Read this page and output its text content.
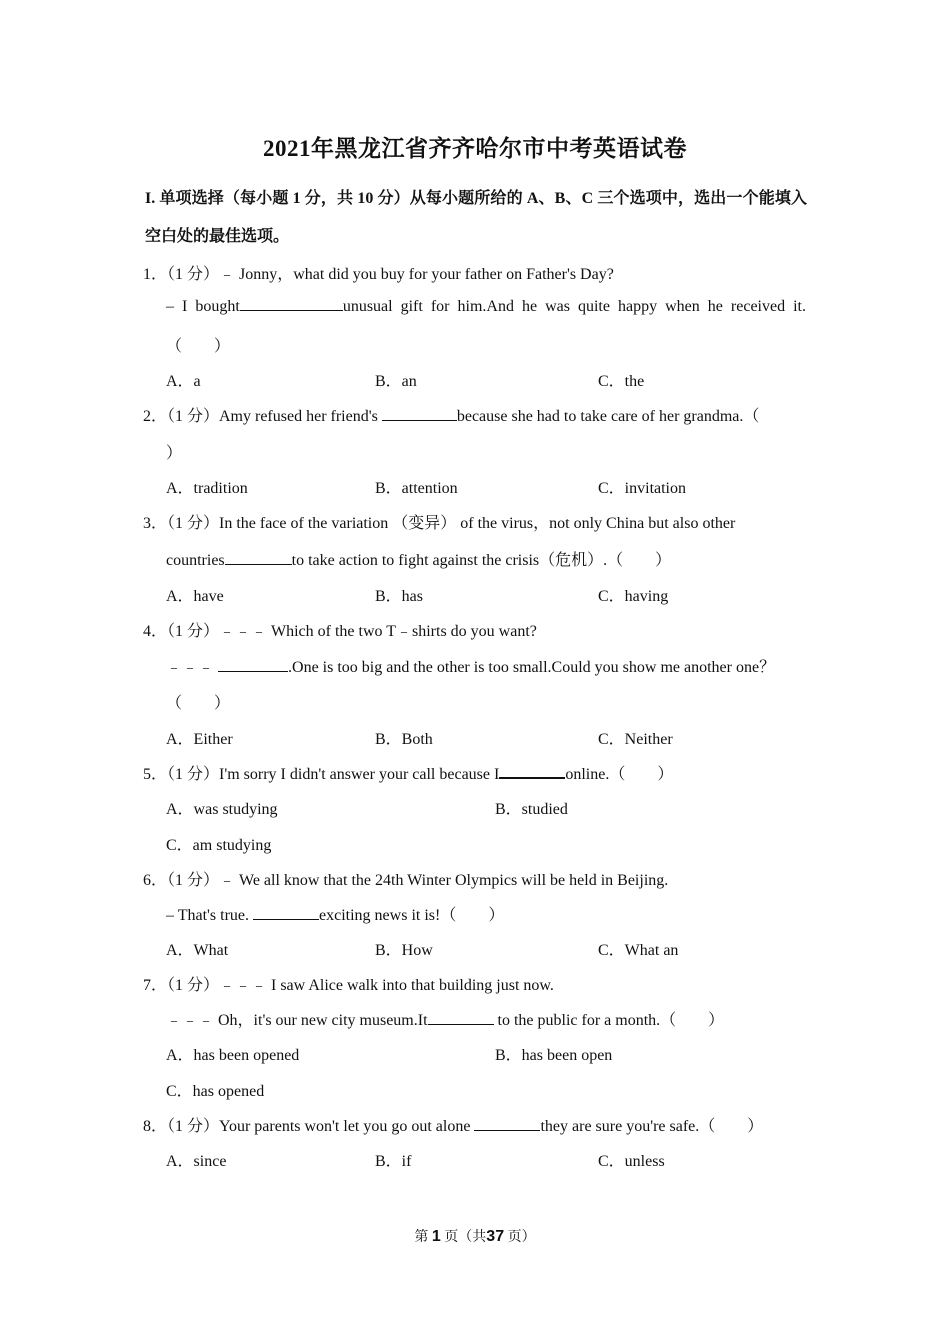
2021年黑龙江省齐齐哈尔市中考英语试卷
I. 单项选择（每小题 1 分，共 10 分）从每小题所给的 A、B、C 三个选项中，选出一个能填入空白处的最佳选项。
1．（1 分）﹣ Jonny，what did you buy for your father on Father's Day?
– I bought	unusual gift for him.And he was quite happy when he received it.
（　　）
A．a	B．an	C．the
2．（1 分）Amy refused her friend's	because she had to take care of her grandma.（
）
A．tradition	B．attention	C．invitation
3．（1 分）In the face of the variation （变异） of the virus，not only China but also other
countries	to take action to fight against the crisis（危机）.（　　）
A．have	B．has	C．having
4．（1 分）﹣﹣﹣ Which of the two T﹣shirts do you want?
﹣﹣﹣	.One is too big and the other is too small.Could you show me another one？
（　　）
A．Either	B．Both	C．Neither
5．（1 分）I'm sorry I didn't answer your call because I	online.（　　）
A．was studying	B．studied
C．am studying
6．（1 分）﹣ We all know that the 24th Winter Olympics will be held in Beijing.
– That's true.	exciting news it is!（　　）
A．What	B．How	C．What an
7．（1 分）﹣﹣﹣ I saw Alice walk into that building just now.
﹣﹣﹣ Oh，it's our new city museum.It	to the public for a month.（　　）
A．has been opened	B．has been open
C．has opened
8．（1 分）Your parents won't let you go out alone	they are sure you're safe.（　　）
A．since	B．if	C．unless
第 1 页（共37 页）
